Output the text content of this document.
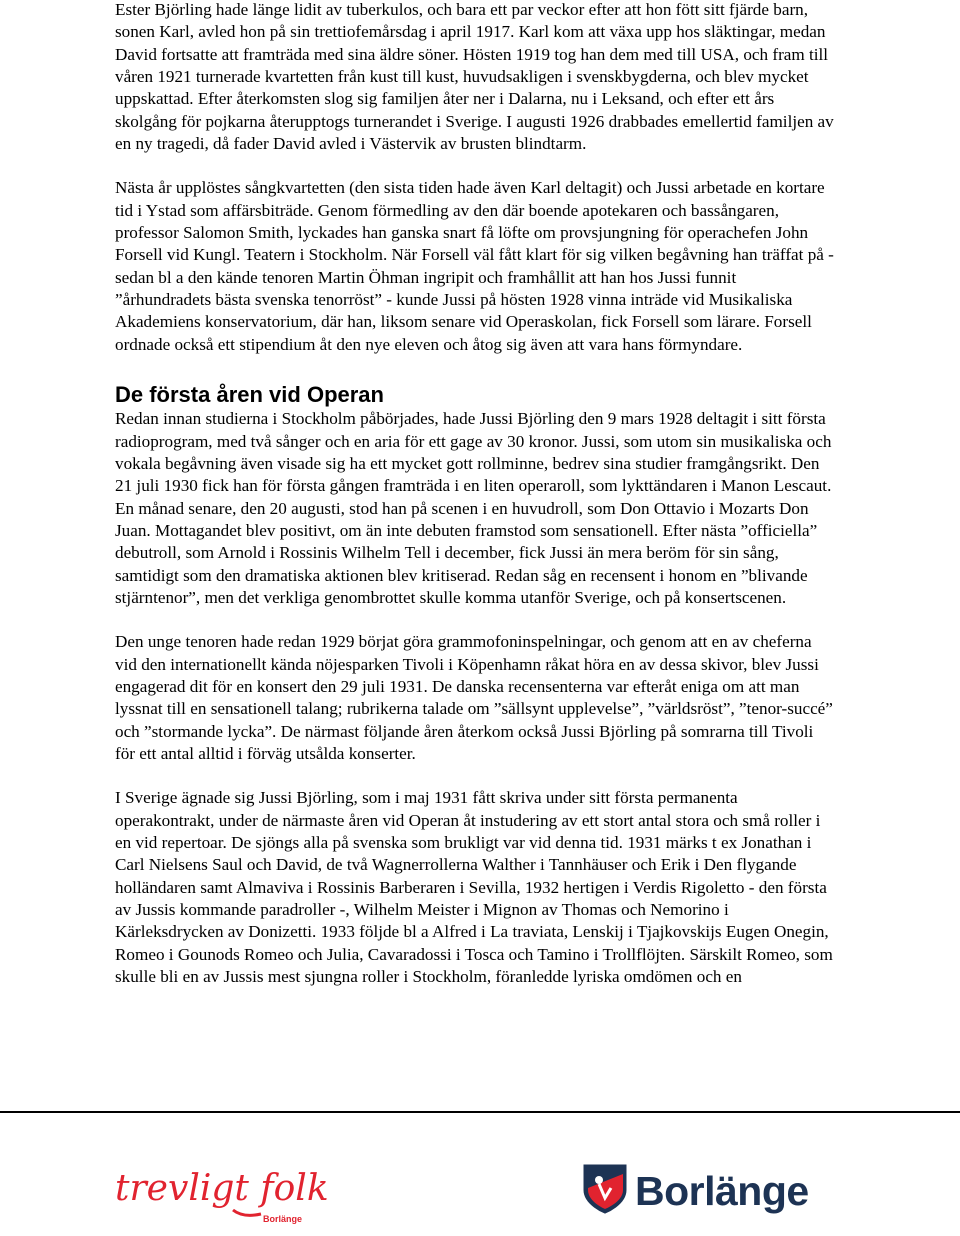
Ester Björling hade länge lidit av tuberkulos, och bara ett par veckor efter att hon fött sitt fjärde barn, sonen Karl, avled hon på sin trettiofemårsdag i april 1917. Karl kom att växa upp hos släktingar, medan David fortsatte att framträda med sina äldre söner. Hösten 1919 tog han dem med till USA, och fram till våren 1921 turnerade kvartetten från kust till kust, huvudsakligen i svenskbygderna, och blev mycket uppskattad. Efter återkomsten slog sig familjen åter ner i Dalarna, nu i Leksand, och efter ett års skolgång för pojkarna återupptogs turnerandet i Sverige. I augusti 1926 drabbades emellertid familjen av en ny tragedi, då fader David avled i Västervik av brusten blindtarm.

Nästa år upplöstes sångkvartetten (den sista tiden hade även Karl deltagit) och Jussi arbetade en kortare tid i Ystad som affärsbiträde. Genom förmedling av den där boende apotekaren och bassångaren, professor Salomon Smith, lyckades han ganska snart få löfte om provsjungning för operachefen John Forsell vid Kungl. Teatern i Stockholm. När Forsell väl fått klart för sig vilken begåvning han träffat på - sedan bl a den kände tenoren Martin Öhman ingripit och framhållit att han hos Jussi funnit ”århundradets bästa svenska tenorröst” - kunde Jussi på hösten 1928 vinna inträde vid Musikaliska Akademiens konservatorium, där han, liksom senare vid Operaskolan, fick Forsell som lärare. Forsell ordnade också ett stipendium åt den nye eleven och åtog sig även att vara hans förmyndare.

De första åren vid Operan

Redan innan studierna i Stockholm påbörjades, hade Jussi Björling den 9 mars 1928 deltagit i sitt första radioprogram, med två sånger och en aria för ett gage av 30 kronor. Jussi, som utom sin musikaliska och vokala begåvning även visade sig ha ett mycket gott rollminne, bedrev sina studier framgångsrikt. Den 21 juli 1930 fick han för första gången framträda i en liten operaroll, som lykttändaren i Manon Lescaut. En månad senare, den 20 augusti, stod han på scenen i en huvudroll, som Don Ottavio i Mozarts Don Juan. Mottagandet blev positivt, om än inte debuten framstod som sensationell. Efter nästa ”officiella” debutroll, som Arnold i Rossinis Wilhelm Tell i december, fick Jussi än mera beröm för sin sång, samtidigt som den dramatiska aktionen blev kritiserad. Redan såg en recensent i honom en ”blivande stjärntenor”, men det verkliga genombrottet skulle komma utanför Sverige, och på konsertscenen.

Den unge tenoren hade redan 1929 börjat göra grammofoninspelningar, och genom att en av cheferna vid den internationellt kända nöjesparken Tivoli i Köpenhamn råkat höra en av dessa skivor, blev Jussi engagerad dit för en konsert den 29 juli 1931. De danska recensenterna var efteråt eniga om att man lyssnat till en sensationell talang; rubrikerna talade om ”sällsynt upplevelse”, ”världsröst”, ”tenor-succé” och ”stormande lycka”. De närmast följande åren återkom också Jussi Björling på somrarna till Tivoli för ett antal alltid i förväg utsålda konserter.

I Sverige ägnade sig Jussi Björling, som i maj 1931 fått skriva under sitt första permanenta operakontrakt, under de närmaste åren vid Operan åt instudering av ett stort antal stora och små roller i en vid repertoar. De sjöngs alla på svenska som brukligt var vid denna tid. 1931 märks t ex Jonathan i Carl Nielsens Saul och David, de två Wagnerrollerna Walther i Tannhäuser och Erik i Den flygande holländaren samt Almaviva i Rossinis Barberaren i Sevilla, 1932 hertigen i Verdis Rigoletto - den första av Jussis kommande paradroller -, Wilhelm Meister i Mignon av Thomas och Nemorino i Kärleksdrycken av Donizetti. 1933 följde bl a Alfred i La traviata, Lenskij i Tjajkovskijs Eugen Onegin, Romeo i Gounods Romeo och Julia, Cavaradossi i Tosca och Tamino i Trollflöjten. Särskilt Romeo, som skulle bli en av Jussis mest sjungna roller i Stockholm, föranledde lyriska omdömen och en

trevligt folk
Borlänge
Borlänge
